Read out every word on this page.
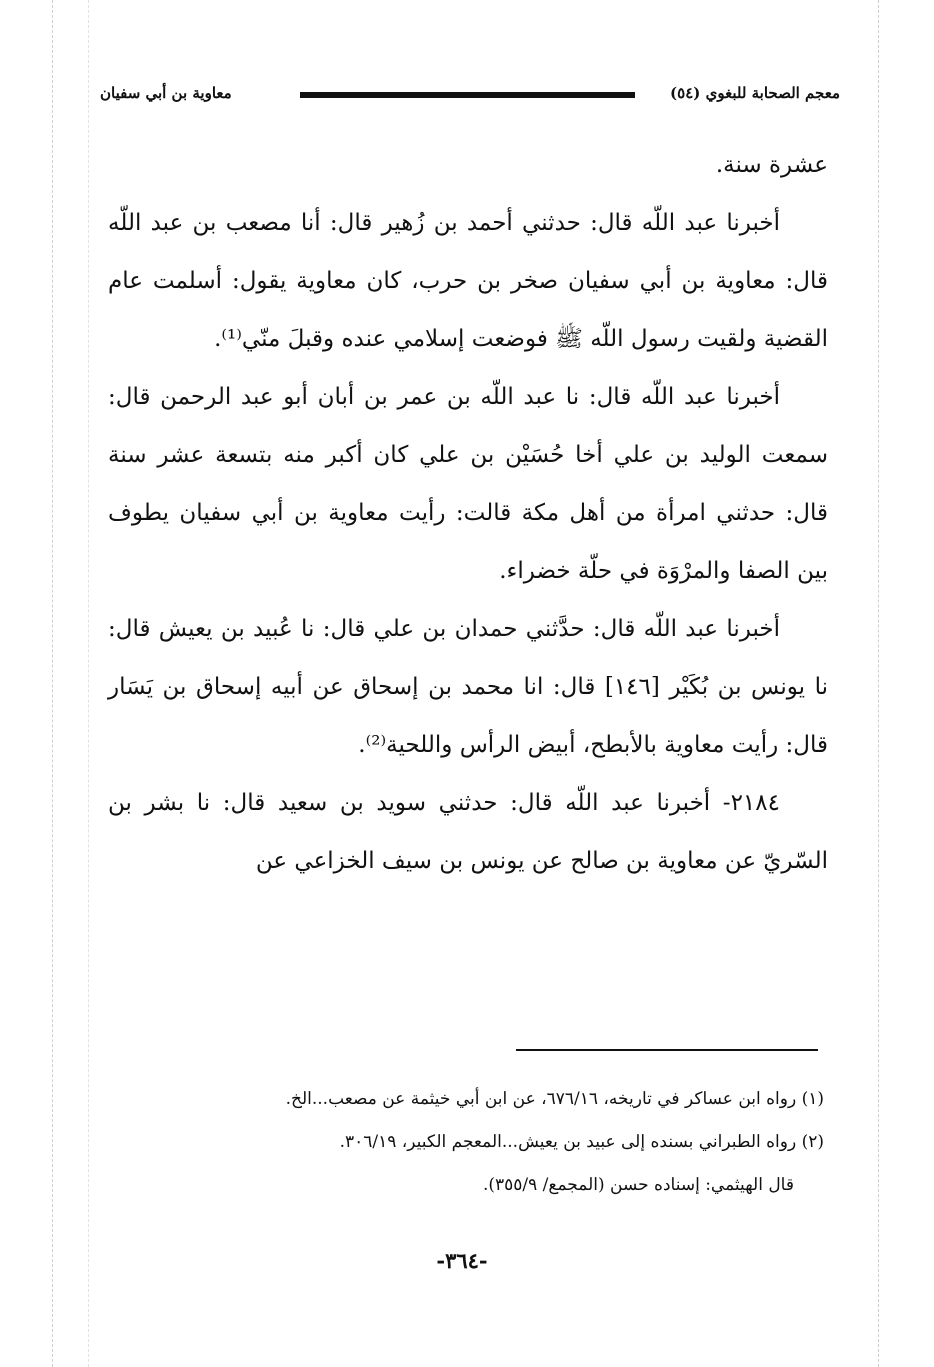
معجم الصحابة للبغوي (٥٤)
معاوية بن أبي سفيان

عشرة سنة.

أخبرنا عبد اللّه قال: حدثني أحمد بن زُهير قال: أنا مصعب بن عبد اللّه قال: معاوية بن أبي سفيان صخر بن حرب، كان معاوية يقول: أسلمت عام القضية ولقيت رسول اللّه ﷺ فوضعت إسلامي عنده وقبلَ منّي⁽¹⁾.

أخبرنا عبد اللّه قال: نا عبد اللّه بن عمر بن أبان أبو عبد الرحمن قال: سمعت الوليد بن علي أخا حُسَيْن بن علي كان أكبر منه بتسعة عشر سنة قال: حدثني امرأة من أهل مكة قالت: رأيت معاوية بن أبي سفيان يطوف بين الصفا والمرْوَة في حلّة خضراء.

أخبرنا عبد اللّه قال: حدَّثني حمدان بن علي قال: نا عُبيد بن يعيش قال: نا يونس بن بُكَيْر [١٤٦] قال: انا محمد بن إسحاق عن أبيه إسحاق بن يَسَار قال: رأيت معاوية بالأبطح، أبيض الرأس واللحية⁽²⁾.

٢١٨٤- أخبرنا عبد اللّه قال: حدثني سويد بن سعيد قال: نا بشر بن السّريّ عن معاوية بن صالح عن يونس بن سيف الخزاعي عن

(١) رواه ابن عساكر في تاريخه، ٦٧٦/١٦، عن ابن أبي خيثمة عن مصعب...الخ.

(٢) رواه الطبراني بسنده إلى عبيد بن يعيش...المعجم الكبير، ٣٠٦/١٩.

قال الهيثمي: إسناده حسن (المجمع/ ٣٥٥/٩).

-٣٦٤-
